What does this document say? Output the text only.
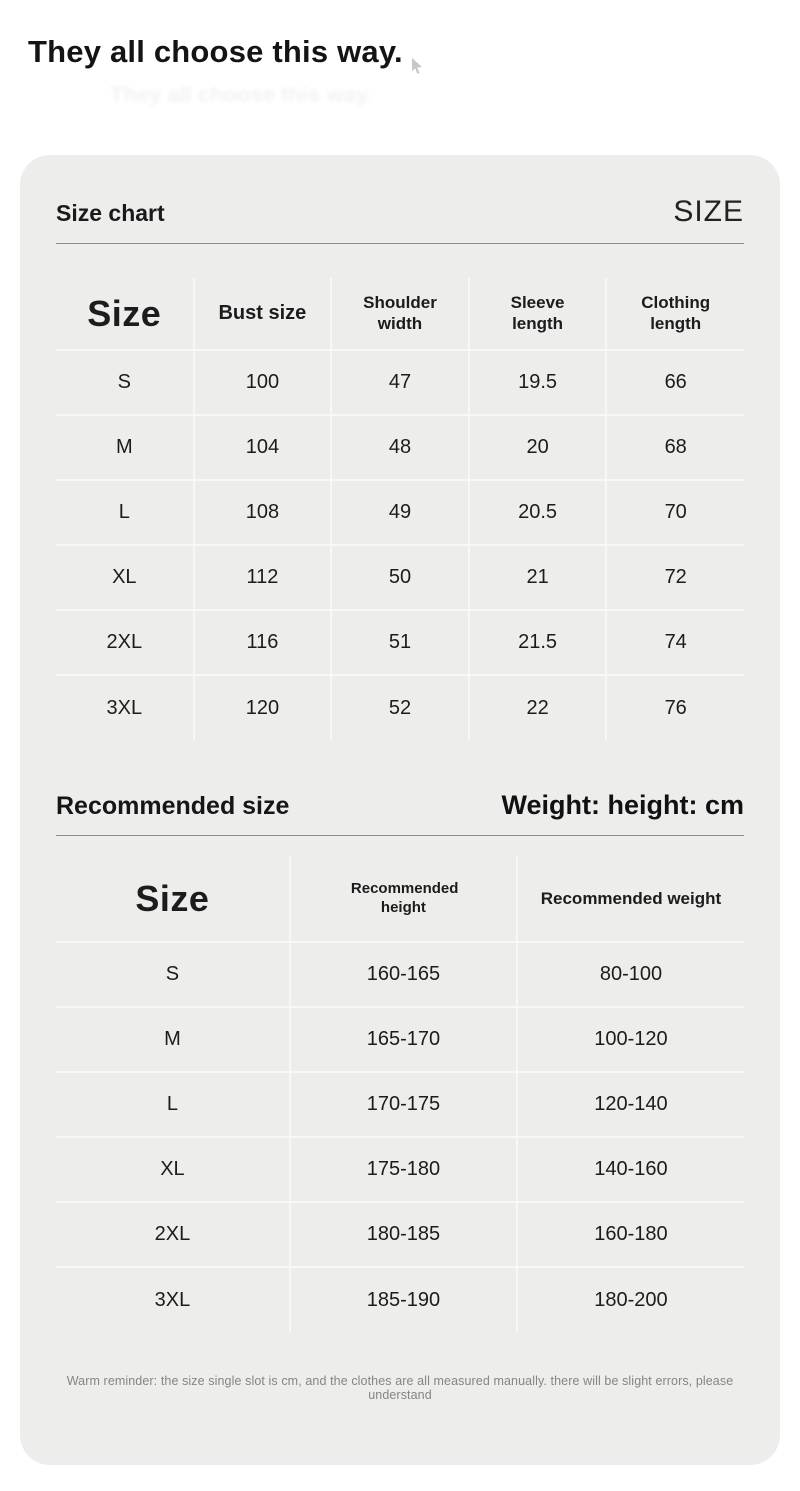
They all choose this way.
They all choose this way.
Size chart	SIZE
Size	Bust size	Shoulder width	Sleeve length	Clothing length
S	100	47	19.5	66
M	104	48	20	68
L	108	49	20.5	70
XL	112	50	21	72
2XL	116	51	21.5	74
3XL	120	52	22	76
Recommended size	Weight: height: cm
Size	Recommended height	Recommended weight
S	160-165	80-100
M	165-170	100-120
L	170-175	120-140
XL	175-180	140-160
2XL	180-185	160-180
3XL	185-190	180-200
Warm reminder: the size single slot is cm, and the clothes are all measured manually. there will be slight errors, please understand
